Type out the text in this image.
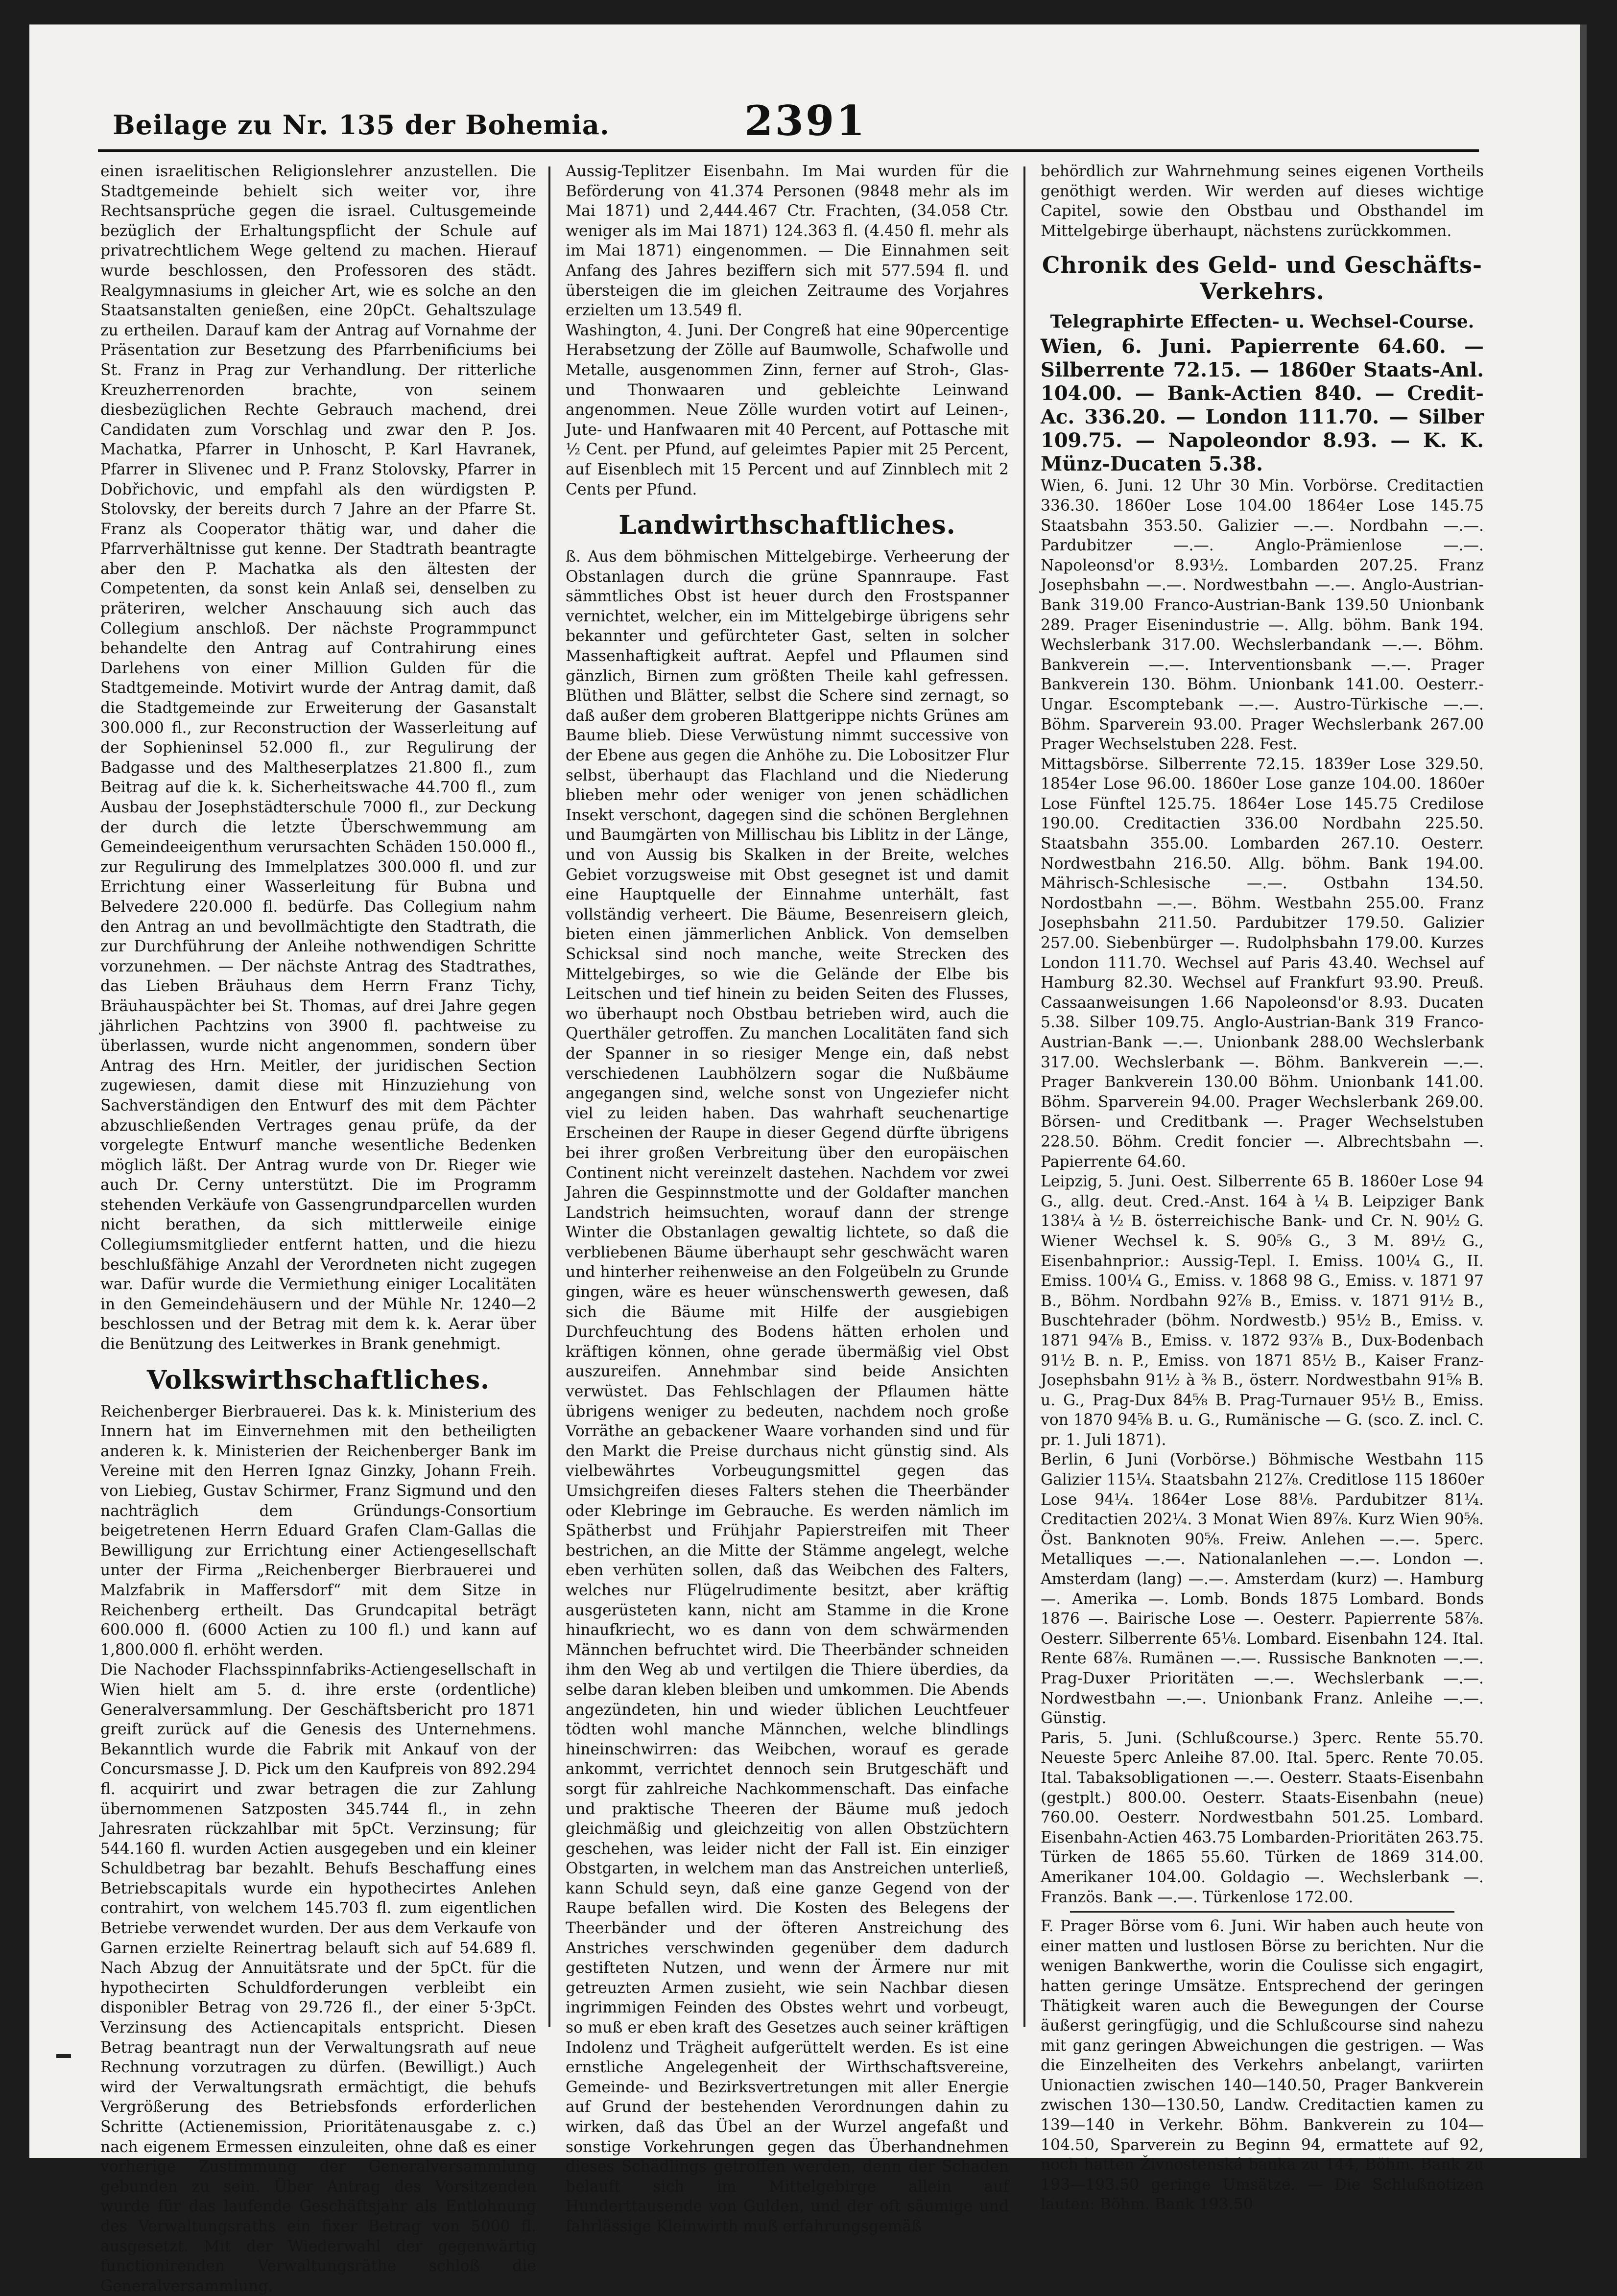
Beilage zu Nr. 135 der Bohemia.	2391

einen israelitischen Religionslehrer anzustellen. Die Stadtgemeinde behielt sich weiter vor, ihre Rechtsansprüche gegen die israel. Cultusgemeinde bezüglich der Erhaltungspflicht der Schule auf privatrechtlichem Wege geltend zu machen. Hierauf wurde beschlossen, den Professoren des städt. Realgymnasiums in gleicher Art, wie es solche an den Staatsanstalten genießen, eine 20pCt. Gehaltszulage zu ertheilen. Darauf kam der Antrag auf Vornahme der Präsentation zur Besetzung des Pfarrbenificiums bei St. Franz in Prag zur Verhandlung. Der ritterliche Kreuzherrenorden brachte, von seinem diesbezüglichen Rechte Gebrauch machend, drei Candidaten zum Vorschlag und zwar den P. Jos. Machatka, Pfarrer in Unhoscht, P. Karl Havranek, Pfarrer in Slivenec und P. Franz Stolovsky, Pfarrer in Dobřichovic, und empfahl als den würdigsten P. Stolovsky, der bereits durch 7 Jahre an der Pfarre St. Franz als Cooperator thätig war, und daher die Pfarrverhältnisse gut kenne. Der Stadtrath beantragte aber den P. Machatka als den ältesten der Competenten, da sonst kein Anlaß sei, denselben zu präteriren, welcher Anschauung sich auch das Collegium anschloß. Der nächste Programmpunct behandelte den Antrag auf Contrahirung eines Darlehens von einer Million Gulden für die Stadtgemeinde. Motivirt wurde der Antrag damit, daß die Stadtgemeinde zur Erweiterung der Gasanstalt 300.000 fl., zur Reconstruction der Wasserleitung auf der Sophieninsel 52.000 fl., zur Regulirung der Badgasse und des Maltheserplatzes 21.800 fl., zum Beitrag auf die k. k. Sicherheitswache 44.700 fl., zum Ausbau der Josephstädterschule 7000 fl., zur Deckung der durch die letzte Überschwemmung am Gemeindeeigenthum verursachten Schäden 150.000 fl., zur Regulirung des Immelplatzes 300.000 fl. und zur Errichtung einer Wasserleitung für Bubna und Belvedere 220.000 fl. bedürfe. Das Collegium nahm den Antrag an und bevollmächtigte den Stadtrath, die zur Durchführung der Anleihe nothwendigen Schritte vorzunehmen. — Der nächste Antrag des Stadtrathes, das Lieben Bräuhaus dem Herrn Franz Tichy, Bräuhauspächter bei St. Thomas, auf drei Jahre gegen jährlichen Pachtzins von 3900 fl. pachtweise zu überlassen, wurde nicht angenommen, sondern über Antrag des Hrn. Meitler, der juridischen Section zugewiesen, damit diese mit Hinzuziehung von Sachverständigen den Entwurf des mit dem Pächter abzuschließenden Vertrages genau prüfe, da der vorgelegte Entwurf manche wesentliche Bedenken möglich läßt. Der Antrag wurde von Dr. Rieger wie auch Dr. Cerny unterstützt. Die im Programm stehenden Verkäufe von Gassengrundparcellen wurden nicht berathen, da sich mittlerweile einige Collegiumsmitglieder entfernt hatten, und die hiezu beschlußfähige Anzahl der Verordneten nicht zugegen war. Dafür wurde die Vermiethung einiger Localitäten in den Gemeindehäusern und der Mühle Nr. 1240—2 beschlossen und der Betrag mit dem k. k. Aerar über die Benützung des Leitwerkes in Brank genehmigt.

Volkswirthschaftliches.

Reichenberger Bierbrauerei. Das k. k. Ministerium des Innern hat im Einvernehmen mit den betheiligten anderen k. k. Ministerien der Reichenberger Bank im Vereine mit den Herren Ignaz Ginzky, Johann Freih. von Liebieg, Gustav Schirmer, Franz Sigmund und den nachträglich dem Gründungs-Consortium beigetretenen Herrn Eduard Grafen Clam-Gallas die Bewilligung zur Errichtung einer Actiengesellschaft unter der Firma „Reichenberger Bierbrauerei und Malzfabrik in Maffersdorf“ mit dem Sitze in Reichenberg ertheilt. Das Grundcapital beträgt 600.000 fl. (6000 Actien zu 100 fl.) und kann auf 1,800.000 fl. erhöht werden.
Die Nachoder Flachsspinnfabriks-Actiengesellschaft in Wien hielt am 5. d. ihre erste (ordentliche) Generalversammlung. Der Geschäftsbericht pro 1871 greift zurück auf die Genesis des Unternehmens. Bekanntlich wurde die Fabrik mit Ankauf von der Concursmasse J. D. Pick um den Kaufpreis von 892.294 fl. acquirirt und zwar betragen die zur Zahlung übernommenen Satzposten 345.744 fl., in zehn Jahresraten rückzahlbar mit 5pCt. Verzinsung; für 544.160 fl. wurden Actien ausgegeben und ein kleiner Schuldbetrag bar bezahlt. Behufs Beschaffung eines Betriebscapitals wurde ein hypothecirtes Anlehen contrahirt, von welchem 145.703 fl. zum eigentlichen Betriebe verwendet wurden. Der aus dem Verkaufe von Garnen erzielte Reinertrag belauft sich auf 54.689 fl. Nach Abzug der Annuitätsrate und der 5pCt. für die hypothecirten Schuldforderungen verbleibt ein disponibler Betrag von 29.726 fl., der einer 5·3pCt. Verzinsung des Actiencapitals entspricht. Diesen Betrag beantragt nun der Verwaltungsrath auf neue Rechnung vorzutragen zu dürfen. (Bewilligt.) Auch wird der Verwaltungsrath ermächtigt, die behufs Vergrößerung des Betriebsfonds erforderlichen Schritte (Actienemission, Prioritätenausgabe z. c.) nach eigenem Ermessen einzuleiten, ohne daß es einer vorherige Zustimmung der Generalversammlung gebunden zu sein. Über Antrag des Vorsitzenden wurde für das laufende Geschäftsjahr als Entlohnung des Verwaltungsraths ein fixer Betrag von 5000 fl. ausgesetzt. Mit der Wiederwahl der gegenwärtig functionirenden Verwaltungsräthe schloß die Generalversammlung.

Aussig-Teplitzer Eisenbahn. Im Mai wurden für die Beförderung von 41.374 Personen (9848 mehr als im Mai 1871) und 2,444.467 Ctr. Frachten, (34.058 Ctr. weniger als im Mai 1871) 124.363 fl. (4.450 fl. mehr als im Mai 1871) eingenommen. — Die Einnahmen seit Anfang des Jahres beziffern sich mit 577.594 fl. und übersteigen die im gleichen Zeitraume des Vorjahres erzielten um 13.549 fl.
Washington, 4. Juni. Der Congreß hat eine 90percentige Herabsetzung der Zölle auf Baumwolle, Schafwolle und Metalle, ausgenommen Zinn, ferner auf Stroh-, Glas- und Thonwaaren und gebleichte Leinwand angenommen. Neue Zölle wurden votirt auf Leinen-, Jute- und Hanfwaaren mit 40 Percent, auf Pottasche mit ½ Cent. per Pfund, auf geleimtes Papier mit 25 Percent, auf Eisenblech mit 15 Percent und auf Zinnblech mit 2 Cents per Pfund.

Landwirthschaftliches.

ß. Aus dem böhmischen Mittelgebirge. Verheerung der Obstanlagen durch die grüne Spannraupe. Fast sämmtliches Obst ist heuer durch den Frostspanner vernichtet, welcher, ein im Mittelgebirge übrigens sehr bekannter und gefürchteter Gast, selten in solcher Massenhaftigkeit auftrat. Aepfel und Pflaumen sind gänzlich, Birnen zum größten Theile kahl gefressen. Blüthen und Blätter, selbst die Schere sind zernagt, so daß außer dem groberen Blattgerippe nichts Grünes am Baume blieb. Diese Verwüstung nimmt successive von der Ebene aus gegen die Anhöhe zu. Die Lobositzer Flur selbst, überhaupt das Flachland und die Niederung blieben mehr oder weniger von jenen schädlichen Insekt verschont, dagegen sind die schönen Berglehnen und Baumgärten von Millischau bis Liblitz in der Länge, und von Aussig bis Skalken in der Breite, welches Gebiet vorzugsweise mit Obst gesegnet ist und damit eine Hauptquelle der Einnahme unterhält, fast vollständig verheert. Die Bäume, Besenreisern gleich, bieten einen jämmerlichen Anblick. Von demselben Schicksal sind noch manche, weite Strecken des Mittelgebirges, so wie die Gelände der Elbe bis Leitschen und tief hinein zu beiden Seiten des Flusses, wo überhaupt noch Obstbau betrieben wird, auch die Querthäler getroffen. Zu manchen Localitäten fand sich der Spanner in so riesiger Menge ein, daß nebst verschiedenen Laubhölzern sogar die Nußbäume angegangen sind, welche sonst von Ungeziefer nicht viel zu leiden haben. Das wahrhaft seuchenartige Erscheinen der Raupe in dieser Gegend dürfte übrigens bei ihrer großen Verbreitung über den europäischen Continent nicht vereinzelt dastehen. Nachdem vor zwei Jahren die Gespinnstmotte und der Goldafter manchen Landstrich heimsuchten, worauf dann der strenge Winter die Obstanlagen gewaltig lichtete, so daß die verbliebenen Bäume überhaupt sehr geschwächt waren und hinterher reihenweise an den Folgeübeln zu Grunde gingen, wäre es heuer wünschenswerth gewesen, daß sich die Bäume mit Hilfe der ausgiebigen Durchfeuchtung des Bodens hätten erholen und kräftigen können, ohne gerade übermäßig viel Obst auszureifen. Annehmbar sind beide Ansichten verwüstet. Das Fehlschlagen der Pflaumen hätte übrigens weniger zu bedeuten, nachdem noch große Vorräthe an gebackener Waare vorhanden sind und für den Markt die Preise durchaus nicht günstig sind. Als vielbewährtes Vorbeugungsmittel gegen das Umsichgreifen dieses Falters stehen die Theerbänder oder Klebringe im Gebrauche. Es werden nämlich im Spätherbst und Frühjahr Papierstreifen mit Theer bestrichen, an die Mitte der Stämme angelegt, welche eben verhüten sollen, daß das Weibchen des Falters, welches nur Flügelrudimente besitzt, aber kräftig ausgerüsteten kann, nicht am Stamme in die Krone hinaufkriecht, wo es dann von dem schwärmenden Männchen befruchtet wird. Die Theerbänder schneiden ihm den Weg ab und vertilgen die Thiere überdies, da selbe daran kleben bleiben und umkommen. Die Abends angezündeten, hin und wieder üblichen Leuchtfeuer tödten wohl manche Männchen, welche blindlings hineinschwirren: das Weibchen, worauf es gerade ankommt, verrichtet dennoch sein Brutgeschäft und sorgt für zahlreiche Nachkommenschaft. Das einfache und praktische Theeren der Bäume muß jedoch gleichmäßig und gleichzeitig von allen Obstzüchtern geschehen, was leider nicht der Fall ist. Ein einziger Obstgarten, in welchem man das Anstreichen unterließ, kann Schuld seyn, daß eine ganze Gegend von der Raupe befallen wird. Die Kosten des Belegens der Theerbänder und der öfteren Anstreichung des Anstriches verschwinden gegenüber dem dadurch gestifteten Nutzen, und wenn der Ärmere nur mit getreuzten Armen zusieht, wie sein Nachbar diesen ingrimmigen Feinden des Obstes wehrt und vorbeugt, so muß er eben kraft des Gesetzes auch seiner kräftigen Indolenz und Trägheit aufgerüttelt werden. Es ist eine ernstliche Angelegenheit der Wirthschaftsvereine, Gemeinde- und Bezirksvertretungen mit aller Energie auf Grund der bestehenden Verordnungen dahin zu wirken, daß das Übel an der Wurzel angefaßt und sonstige Vorkehrungen gegen das Überhandnehmen dieses Schädlings getroffen werden, denn der Schaden belauft sich im Mittelgebirge allein auf Hunderttausende von Gulden, und der oft säumige und fahrlässige Kleinwirth muß erfahrungsgemäß

behördlich zur Wahrnehmung seines eigenen Vortheils genöthigt werden. Wir werden auf dieses wichtige Capitel, sowie den Obstbau und Obsthandel im Mittelgebirge überhaupt, nächstens zurückkommen.

Chronik des Geld- und Geschäfts-Verkehrs.
Telegraphirte Effecten- u. Wechsel-Course.

Wien, 6. Juni. Papierrente 64.60. — Silberrente 72.15. — 1860er Staats-Anl. 104.00. — Bank-Actien 840. — Credit-Ac. 336.20. — London 111.70. — Silber 109.75. — Napoleondor 8.93. — K. K. Münz-Ducaten 5.38.

Wien, 6. Juni. 12 Uhr 30 Min. Vorbörse. Creditactien 336.30. 1860er Lose 104.00 1864er Lose 145.75 Staatsbahn 353.50. Galizier —.—. Nordbahn —.—. Pardubitzer —.—. Anglo-Prämienlose —.—. Napoleonsd'or 8.93½. Lombarden 207.25. Franz Josephsbahn —.—. Nordwestbahn —.—. Anglo-Austrian-Bank 319.00 Franco-Austrian-Bank 139.50 Unionbank 289. Prager Eisenindustrie —. Allg. böhm. Bank 194. Wechslerbank 317.00. Wechslerbandank —.—. Böhm. Bankverein —.—. Interventionsbank —.—. Prager Bankverein 130. Böhm. Unionbank 141.00. Oesterr.-Ungar. Escomptebank —.—. Austro-Türkische —.—. Böhm. Sparverein 93.00. Prager Wechslerbank 267.00 Prager Wechselstuben 228. Fest.
Mittagsbörse. Silberrente 72.15. 1839er Lose 329.50. 1854er Lose 96.00. 1860er Lose ganze 104.00. 1860er Lose Fünftel 125.75. 1864er Lose 145.75 Credilose 190.00. Creditactien 336.00 Nordbahn 225.50. Staatsbahn 355.00. Lombarden 267.10. Oesterr. Nordwestbahn 216.50. Allg. böhm. Bank 194.00. Mährisch-Schlesische —.—. Ostbahn 134.50. Nordostbahn —.—. Böhm. Westbahn 255.00. Franz Josephsbahn 211.50. Pardubitzer 179.50. Galizier 257.00. Siebenbürger —. Rudolphsbahn 179.00. Kurzes London 111.70. Wechsel auf Paris 43.40. Wechsel auf Hamburg 82.30. Wechsel auf Frankfurt 93.90. Preuß. Cassaanweisungen 1.66 Napoleonsd'or 8.93. Ducaten 5.38. Silber 109.75. Anglo-Austrian-Bank 319 Franco-Austrian-Bank —.—. Unionbank 288.00 Wechslerbank 317.00. Wechslerbank —. Böhm. Bankverein —.—. Prager Bankverein 130.00 Böhm. Unionbank 141.00. Böhm. Sparverein 94.00. Prager Wechslerbank 269.00. Börsen- und Creditbank —. Prager Wechselstuben 228.50. Böhm. Credit foncier —. Albrechtsbahn —. Papierrente 64.60.
Leipzig, 5. Juni. Oest. Silberrente 65 B. 1860er Lose 94 G., allg. deut. Cred.-Anst. 164 à ¼ B. Leipziger Bank 138¼ à ½ B. österreichische Bank- und Cr. N. 90½ G. Wiener Wechsel k. S. 90⅝ G., 3 M. 89½ G., Eisenbahnprior.: Aussig-Tepl. I. Emiss. 100¼ G., II. Emiss. 100¼ G., Emiss. v. 1868 98 G., Emiss. v. 1871 97 B., Böhm. Nordbahn 92⅞ B., Emiss. v. 1871 91½ B., Buschtehrader (böhm. Nordwestb.) 95½ B., Emiss. v. 1871 94⅞ B., Emiss. v. 1872 93⅞ B., Dux-Bodenbach 91½ B. n. P., Emiss. von 1871 85½ B., Kaiser Franz-Josephsbahn 91½ à ⅜ B., österr. Nordwestbahn 91⅝ B. u. G., Prag-Dux 84⅝ B. Prag-Turnauer 95½ B., Emiss. von 1870 94⅝ B. u. G., Rumänische — G. (sco. Z. incl. C. pr. 1. Juli 1871).
Berlin, 6 Juni (Vorbörse.) Böhmische Westbahn 115 Galizier 115¼. Staatsbahn 212⅞. Creditlose 115 1860er Lose 94¼. 1864er Lose 88⅛. Pardubitzer 81¼. Creditactien 202¼. 3 Monat Wien 89⅞. Kurz Wien 90⅝. Öst. Banknoten 90⅝. Freiw. Anlehen —.—. 5perc. Metalliques —.—. Nationalanlehen —.—. London —. Amsterdam (lang) —.—. Amsterdam (kurz) —. Hamburg —. Amerika —. Lomb. Bonds 1875 Lombard. Bonds 1876 —. Bairische Lose —. Oesterr. Papierrente 58⅞. Oesterr. Silberrente 65⅛. Lombard. Eisenbahn 124. Ital. Rente 68⅞. Rumänen —.—. Russische Banknoten —.—. Prag-Duxer Prioritäten —.—. Wechslerbank —.—. Nordwestbahn —.—. Unionbank Franz. Anleihe —.—. Günstig.
Paris, 5. Juni. (Schlußcourse.) 3perc. Rente 55.70. Neueste 5perc Anleihe 87.00. Ital. 5perc. Rente 70.05. Ital. Tabaksobligationen —.—. Oesterr. Staats-Eisenbahn (gestplt.) 800.00. Oesterr. Staats-Eisenbahn (neue) 760.00. Oesterr. Nordwestbahn 501.25. Lombard. Eisenbahn-Actien 463.75 Lombarden-Prioritäten 263.75. Türken de 1865 55.60. Türken de 1869 314.00. Amerikaner 104.00. Goldagio —. Wechslerbank —. Französ. Bank —.—. Türkenlose 172.00.

F. Prager Börse vom 6. Juni. Wir haben auch heute von einer matten und lustlosen Börse zu berichten. Nur die wenigen Bankwerthe, worin die Coulisse sich engagirt, hatten geringe Umsätze. Entsprechend der geringen Thätigkeit waren auch die Bewegungen der Course äußerst geringfügig, und die Schlußcourse sind nahezu mit ganz geringen Abweichungen die gestrigen. — Was die Einzelheiten des Verkehrs anbelangt, variirten Unionactien zwischen 140—140.50, Prager Bankverein zwischen 130—130.50, Landw. Creditactien kamen zu 139—140 in Verkehr. Böhm. Bankverein zu 104—104.50, Sparverein zu Beginn 94, ermattete auf 92, noch hatten Živnostenská banka zu 144, Böhm. Bank zu 193—193.50 geringe Umsätze. — Die Schlußnotizen lauten: Böhm. Bank 193.50
